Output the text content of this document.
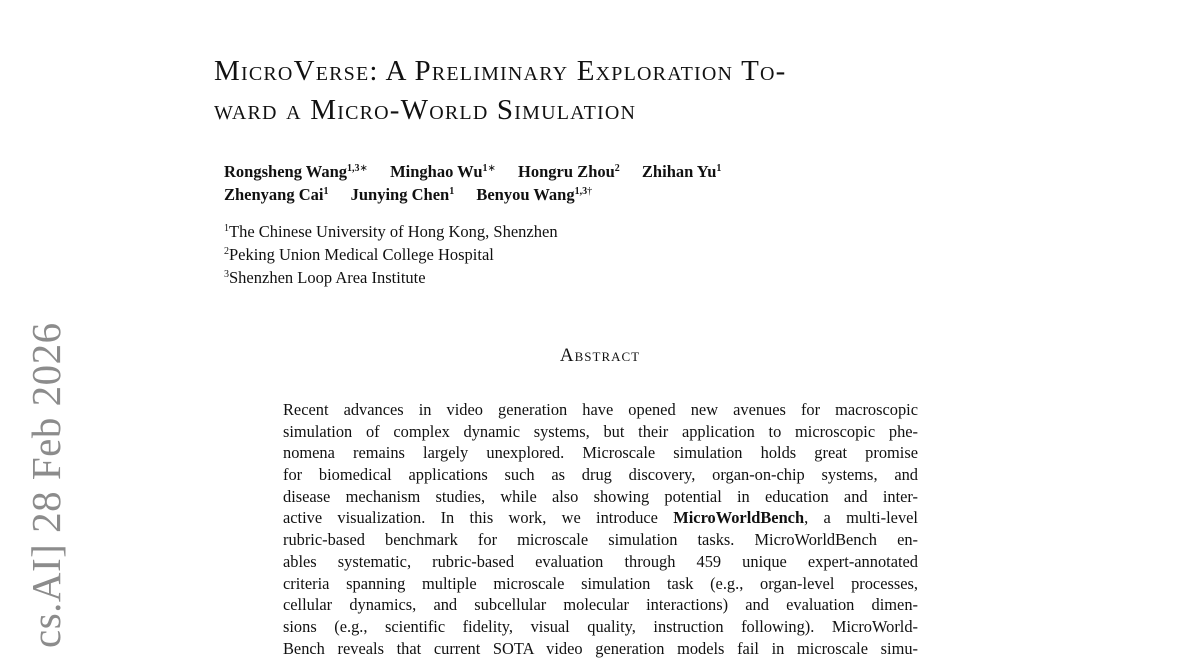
cs.AI] 28 Feb 2026
MicroVerse: A Preliminary Exploration To-
ward a Micro-World Simulation
Rongsheng Wang$^{1,3∗}$ Minghao $Wu^{1∗}$ Hongru Zhou$^2$ Zhihan Yu$^1$
Zhenyang Cai$^1$ Junying Chen$^1$ Benyou Wang$^{1,3\dagger}$
$^1$The Chinese University of Hong Kong, Shenzhen
$^2$Peking Union Medical College Hospital
$^3$Shenzhen Loop Area Institute
Abstract
Recent advances in video generation have opened new avenues for macroscopic
simulation of complex dynamic systems, but their application to microscopic phe-
nomena remains largely unexplored. Microscale simulation holds great promise
for biomedical applications such as drug discovery, organ-on-chip systems, and
disease mechanism studies, while also showing potential in education and inter-
active visualization. In this work, we introduce MicroWorldBench, a multi-level
rubric-based benchmark for microscale simulation tasks. MicroWorldBench en-
ables systematic, rubric-based evaluation through 459 unique expert-annotated
criteria spanning multiple microscale simulation task (e.g., organ-level processes,
cellular dynamics, and subcellular molecular interactions) and evaluation dimen-
sions (e.g., scientific fidelity, visual quality, instruction following). MicroWorld-
Bench reveals that current SOTA video generation models fail in microscale simu-
